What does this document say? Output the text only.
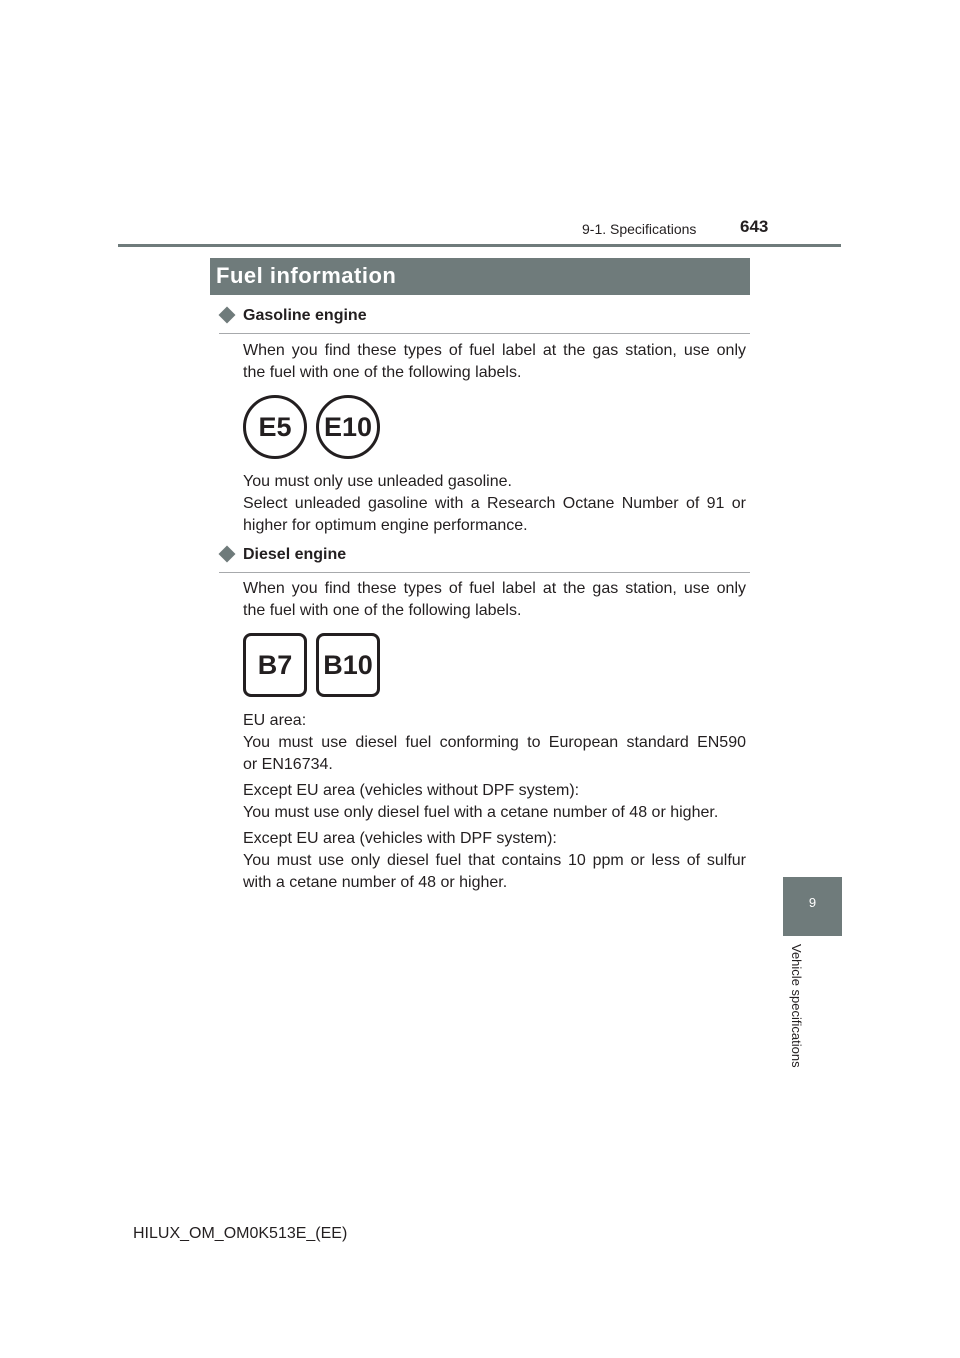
9-1. Specifications	643
Fuel information
Gasoline engine
When you find these types of fuel label at the gas station, use only
the fuel with one of the following labels.
E5	E10
You must only use unleaded gasoline.
Select unleaded gasoline with a Research Octane Number of 91 or
higher for optimum engine performance.
Diesel engine
When you find these types of fuel label at the gas station, use only
the fuel with one of the following labels.
B7	B10
EU area:
You must use diesel fuel conforming to European standard EN590
or EN16734.
Except EU area (vehicles without DPF system):
You must use only diesel fuel with a cetane number of 48 or higher.
Except EU area (vehicles with DPF system):
You must use only diesel fuel that contains 10 ppm or less of sulfur
with a cetane number of 48 or higher.
9
Vehicle specifications
HILUX_OM_OM0K513E_(EE)
